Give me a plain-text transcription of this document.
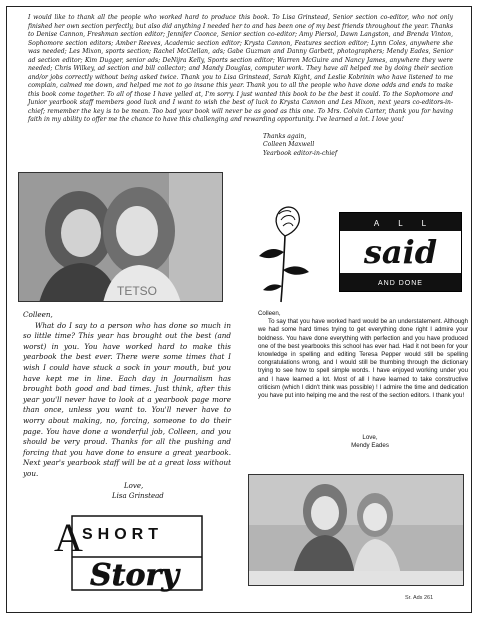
I would like to thank all the people who worked hard to produce this book. To Lisa Grinstead, Senior section co-editor, who not only finished her own section perfectly, but also did anything I needed her to and has been one of my best friends throughout the year. Thanks to Denise Cannon, Freshman section editor; Jennifer Coonce, Senior section co-editor; Amy Piersol, Dawn Langston, and Brenda Vinton, Sophomore section editors; Amber Reeves, Academic section editor; Krysta Cannon, Features section editor; Lynn Coles, anywhere she was needed; Les Mixon, sports section; Rachel McClellan, ads; Gabe Guzman and Danny Garbett, photographers; Mendy Eades, Senior ad section editor; Kim Dugger, senior ads; DeNijra Kelly, Sports section editor; Warren McGuire and Nancy James, anywhere they were needed; Chris Wilkey, ad section and bill collector; and Mandy Douglas, computer work. They have all helped me by doing their section and/or jobs correctly without being asked twice. Thank you to Lisa Grinstead, Sarah Kight, and Leslie Kobrinin who have listened to me complain, calmed me down, and helped me not to go insane this year. Thank you to all the people who have done odds and ends to make this book come together. To all of those I have yelled at, I'm sorry. I just wanted this book to be the best it could. To the Sophomore and Junior yearbook staff members good luck and I want to wish the best of luck to Krysta Cannon and Les Mixon, next years co-editors-in-chief; remember the key is to be mean. Too bad your book will never be as good as this one. To Mrs. Colvin Carter, thank you for having faith in my ability to offer me the chance to have this challenging and rewarding opportunity. I've learned a lot. I love you!
Thanks again,
Colleen Maxwell
Yearbook editor-in-chief
TETSO
ALL
said
AND DONE

Colleen,

What do I say to a person who has done so much in so little time? This year has brought out the best (and worst) in you. You have worked hard to make this yearbook the best ever. There were some times that I wish I could have stuck a sock in your mouth, but you have kept me in line. Each day in Journalism has brought both good and bad times. Just think, after this year you'll never have to look at a yearbook page more than once, unless you want to. You'll never have to worry about making, no, forcing, someone to do their page. You have done a wonderful job, Colleen, and you should be very proud. Thanks for all the pushing and forcing that you have done to ensure a great yearbook. Next year's yearbook staff will be at a great loss without you.

Love,
Lisa Grinstead

Colleen,

To say that you have worked hard would be an understatement. Although we had some hard times trying to get everything done right I admire your boldness. You have done everything with perfection and you have produced one of the best yearbooks this school has ever had. Had it not been for your knowledge in spelling and editing Teresa Pepper would still be spelling congratulations wrong, and I would still be thumbing through the dictionary trying to see how to spell simple words. I have enjoyed working under you and I have learned a lot. Most of all I have learned to take constructive criticism (which I didn't think was possible) ! I admire the time and dedication you have put into helping me and the rest of the section editors. I thank you!

Love,
Mendy Eades
A SHORT
Story
Sr. Ads 261
